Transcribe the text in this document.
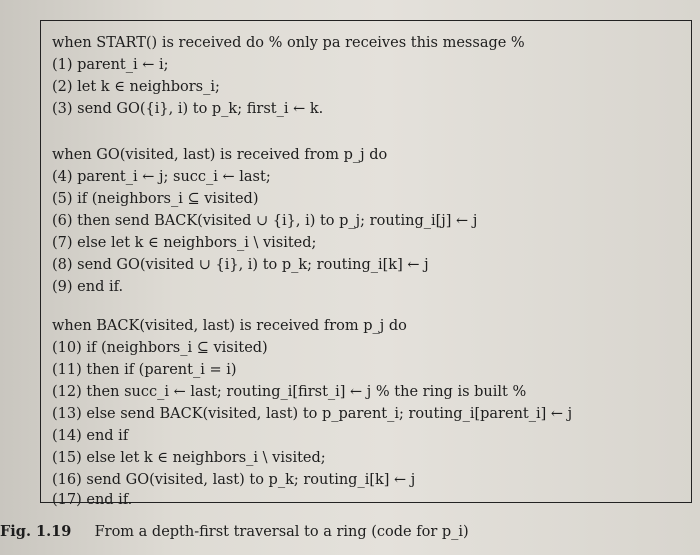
when START() is received do % only pa receives this message %
(1) parent_i ← i;
(2) let k ∈ neighbors_i;
(3) send GO({i}, i) to p_k; first_i ← k.
when GO(visited, last) is received from p_j do
(4) parent_i ← j; succ_i ← last;
(5) if (neighbors_i ⊆ visited)
(6) then send BACK(visited ∪ {i}, i) to p_j; routing_i[j] ← j
(7) else let k ∈ neighbors_i \ visited;
(8) send GO(visited ∪ {i}, i) to p_k; routing_i[k] ← j
(9) end if.
when BACK(visited, last) is received from p_j do
(10) if (neighbors_i ⊆ visited)
(11) then if (parent_i = i)
(12) then succ_i ← last; routing_i[first_i] ← j % the ring is built %
(13) else send BACK(visited, last) to p_parent_i; routing_i[parent_i] ← j
(14) end if
(15) else let k ∈ neighbors_i \ visited;
(16) send GO(visited, last) to p_k; routing_i[k] ← j
(17) end if.
Fig. 1.19 From a depth-first traversal to a ring (code for p_i)
